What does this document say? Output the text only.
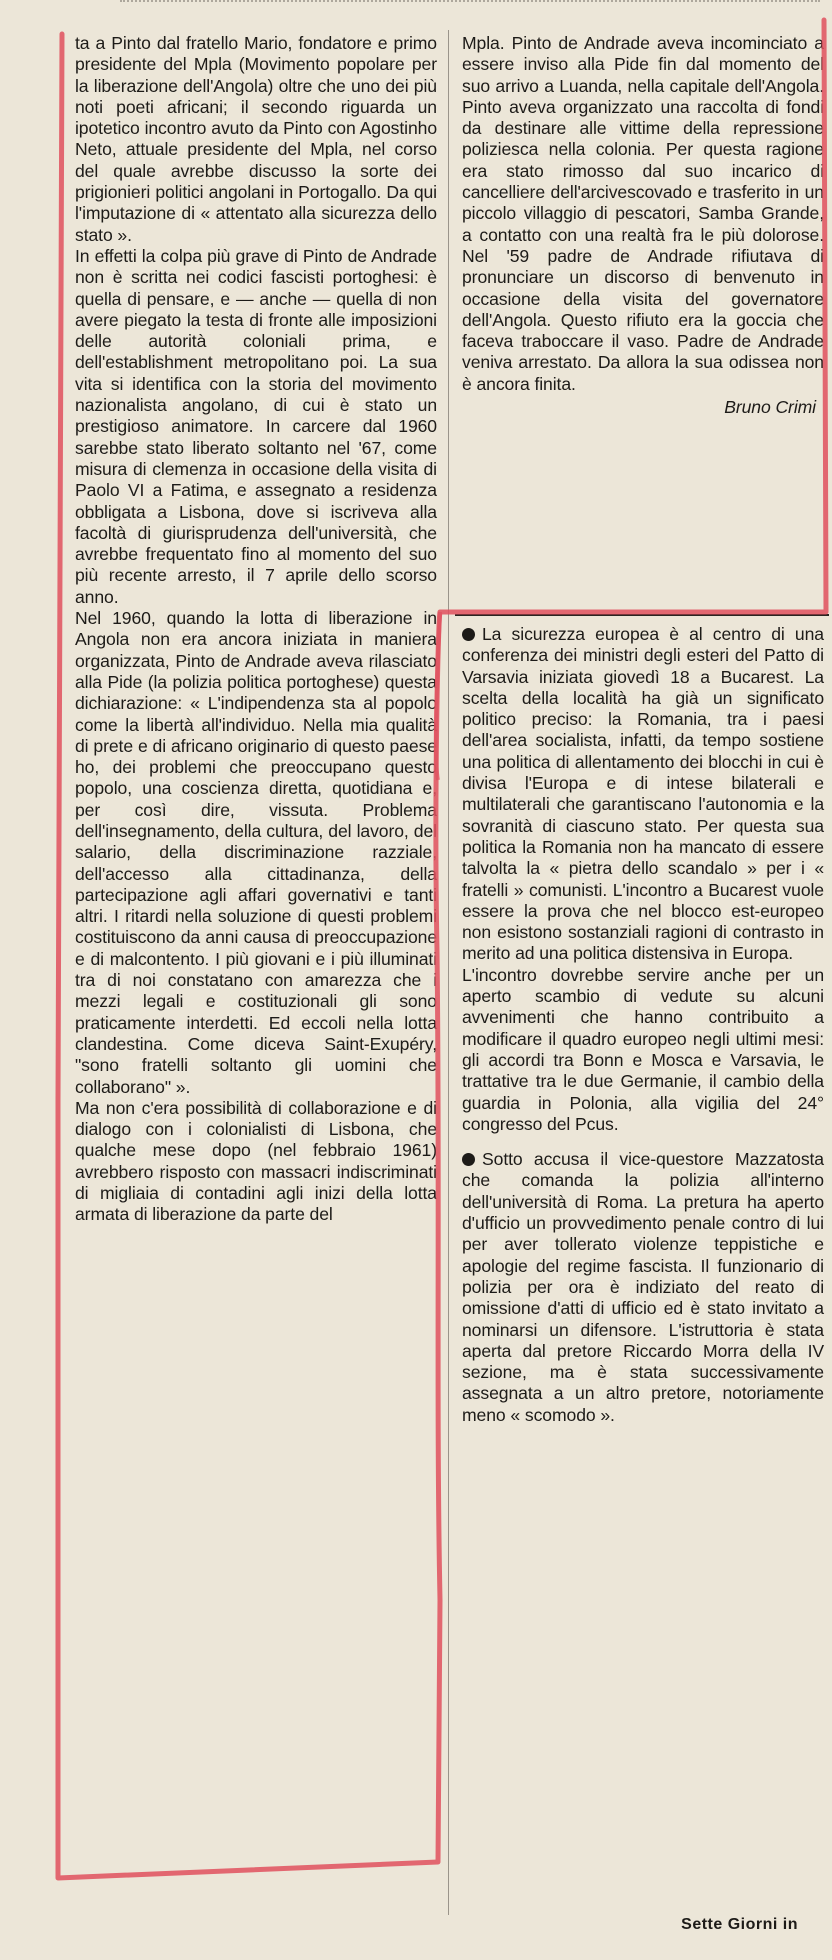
ta a Pinto dal fratello Mario, fondatore e primo presidente del Mpla (Movimento popolare per la liberazione dell'Angola) oltre che uno dei più noti poeti africani; il secondo riguarda un ipotetico incontro avuto da Pinto con Agostinho Neto, attuale presidente del Mpla, nel corso del quale avrebbe discusso la sorte dei prigionieri politici angolani in Portogallo. Da qui l'imputazione di « attentato alla sicurezza dello stato ».

In effetti la colpa più grave di Pinto de Andrade non è scritta nei codici fascisti portoghesi: è quella di pensare, e — anche — quella di non avere piegato la testa di fronte alle imposizioni delle autorità coloniali prima, e dell'establishment metropolitano poi. La sua vita si identifica con la storia del movimento nazionalista angolano, di cui è stato un prestigioso animatore. In carcere dal 1960 sarebbe stato liberato soltanto nel '67, come misura di clemenza in occasione della visita di Paolo VI a Fatima, e assegnato a residenza obbligata a Lisbona, dove si iscriveva alla facoltà di giurisprudenza dell'università, che avrebbe frequentato fino al momento del suo più recente arresto, il 7 aprile dello scorso anno.

Nel 1960, quando la lotta di liberazione in Angola non era ancora iniziata in maniera organizzata, Pinto de Andrade aveva rilasciato alla Pide (la polizia politica portoghese) questa dichiarazione: « L'indipendenza sta al popolo come la libertà all'individuo. Nella mia qualità di prete e di africano originario di questo paese ho, dei problemi che preoccupano questo popolo, una coscienza diretta, quotidiana e, per così dire, vissuta. Problema dell'insegnamento, della cultura, del lavoro, del salario, della discriminazione razziale, dell'accesso alla cittadinanza, della partecipazione agli affari governativi e tanti altri. I ritardi nella soluzione di questi problemi costituiscono da anni causa di preoccupazione e di malcontento. I più giovani e i più illuminati tra di noi constatano con amarezza che i mezzi legali e costituzionali gli sono praticamente interdetti. Ed eccoli nella lotta clandestina. Come diceva Saint-Exupéry, "sono fratelli soltanto gli uomini che collaborano" ».

Ma non c'era possibilità di collaborazione e di dialogo con i colonialisti di Lisbona, che qualche mese dopo (nel febbraio 1961) avrebbero risposto con massacri indiscriminati di migliaia di contadini agli inizi della lotta armata di liberazione da parte del

Mpla. Pinto de Andrade aveva incominciato a essere inviso alla Pide fin dal momento del suo arrivo a Luanda, nella capitale dell'Angola. Pinto aveva organizzato una raccolta di fondi da destinare alle vittime della repressione poliziesca nella colonia. Per questa ragione era stato rimosso dal suo incarico di cancelliere dell'arcivescovado e trasferito in un piccolo villaggio di pescatori, Samba Grande, a contatto con una realtà fra le più dolorose. Nel '59 padre de Andrade rifiutava di pronunciare un discorso di benvenuto in occasione della visita del governatore dell'Angola. Questo rifiuto era la goccia che faceva traboccare il vaso. Padre de Andrade veniva arrestato. Da allora la sua odissea non è ancora finita.

Bruno Crimi

La sicurezza europea è al centro di una conferenza dei ministri degli esteri del Patto di Varsavia iniziata giovedì 18 a Bucarest. La scelta della località ha già un significato politico preciso: la Romania, tra i paesi dell'area socialista, infatti, da tempo sostiene una politica di allentamento dei blocchi in cui è divisa l'Europa e di intese bilaterali e multilaterali che garantiscano l'autonomia e la sovranità di ciascuno stato. Per questa sua politica la Romania non ha mancato di essere talvolta la « pietra dello scandalo » per i « fratelli » comunisti. L'incontro a Bucarest vuole essere la prova che nel blocco est-europeo non esistono sostanziali ragioni di contrasto in merito ad una politica distensiva in Europa.

L'incontro dovrebbe servire anche per un aperto scambio di vedute su alcuni avvenimenti che hanno contribuito a modificare il quadro europeo negli ultimi mesi: gli accordi tra Bonn e Mosca e Varsavia, le trattative tra le due Germanie, il cambio della guardia in Polonia, alla vigilia del 24° congresso del Pcus.

Sotto accusa il vice-questore Mazzatosta che comanda la polizia all'interno dell'università di Roma. La pretura ha aperto d'ufficio un provvedimento penale contro di lui per aver tollerato violenze teppistiche e apologie del regime fascista. Il funzionario di polizia per ora è indiziato del reato di omissione d'atti di ufficio ed è stato invitato a nominarsi un difensore. L'istruttoria è stata aperta dal pretore Riccardo Morra della IV sezione, ma è stata successivamente assegnata a un altro pretore, notoriamente meno « scomodo ».

Sette Giorni in
